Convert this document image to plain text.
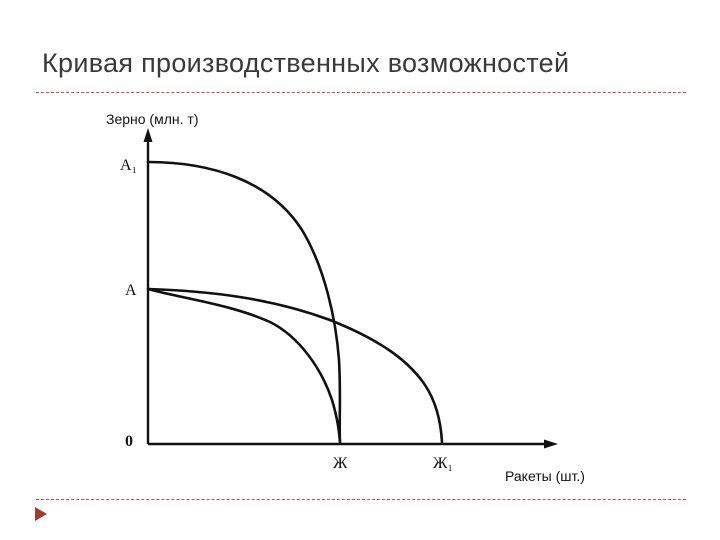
Кривая производственных возможностей
Зерно (млн. т)
A₁
A
0
Ж	Ж₁
Ракеты (шт.)
